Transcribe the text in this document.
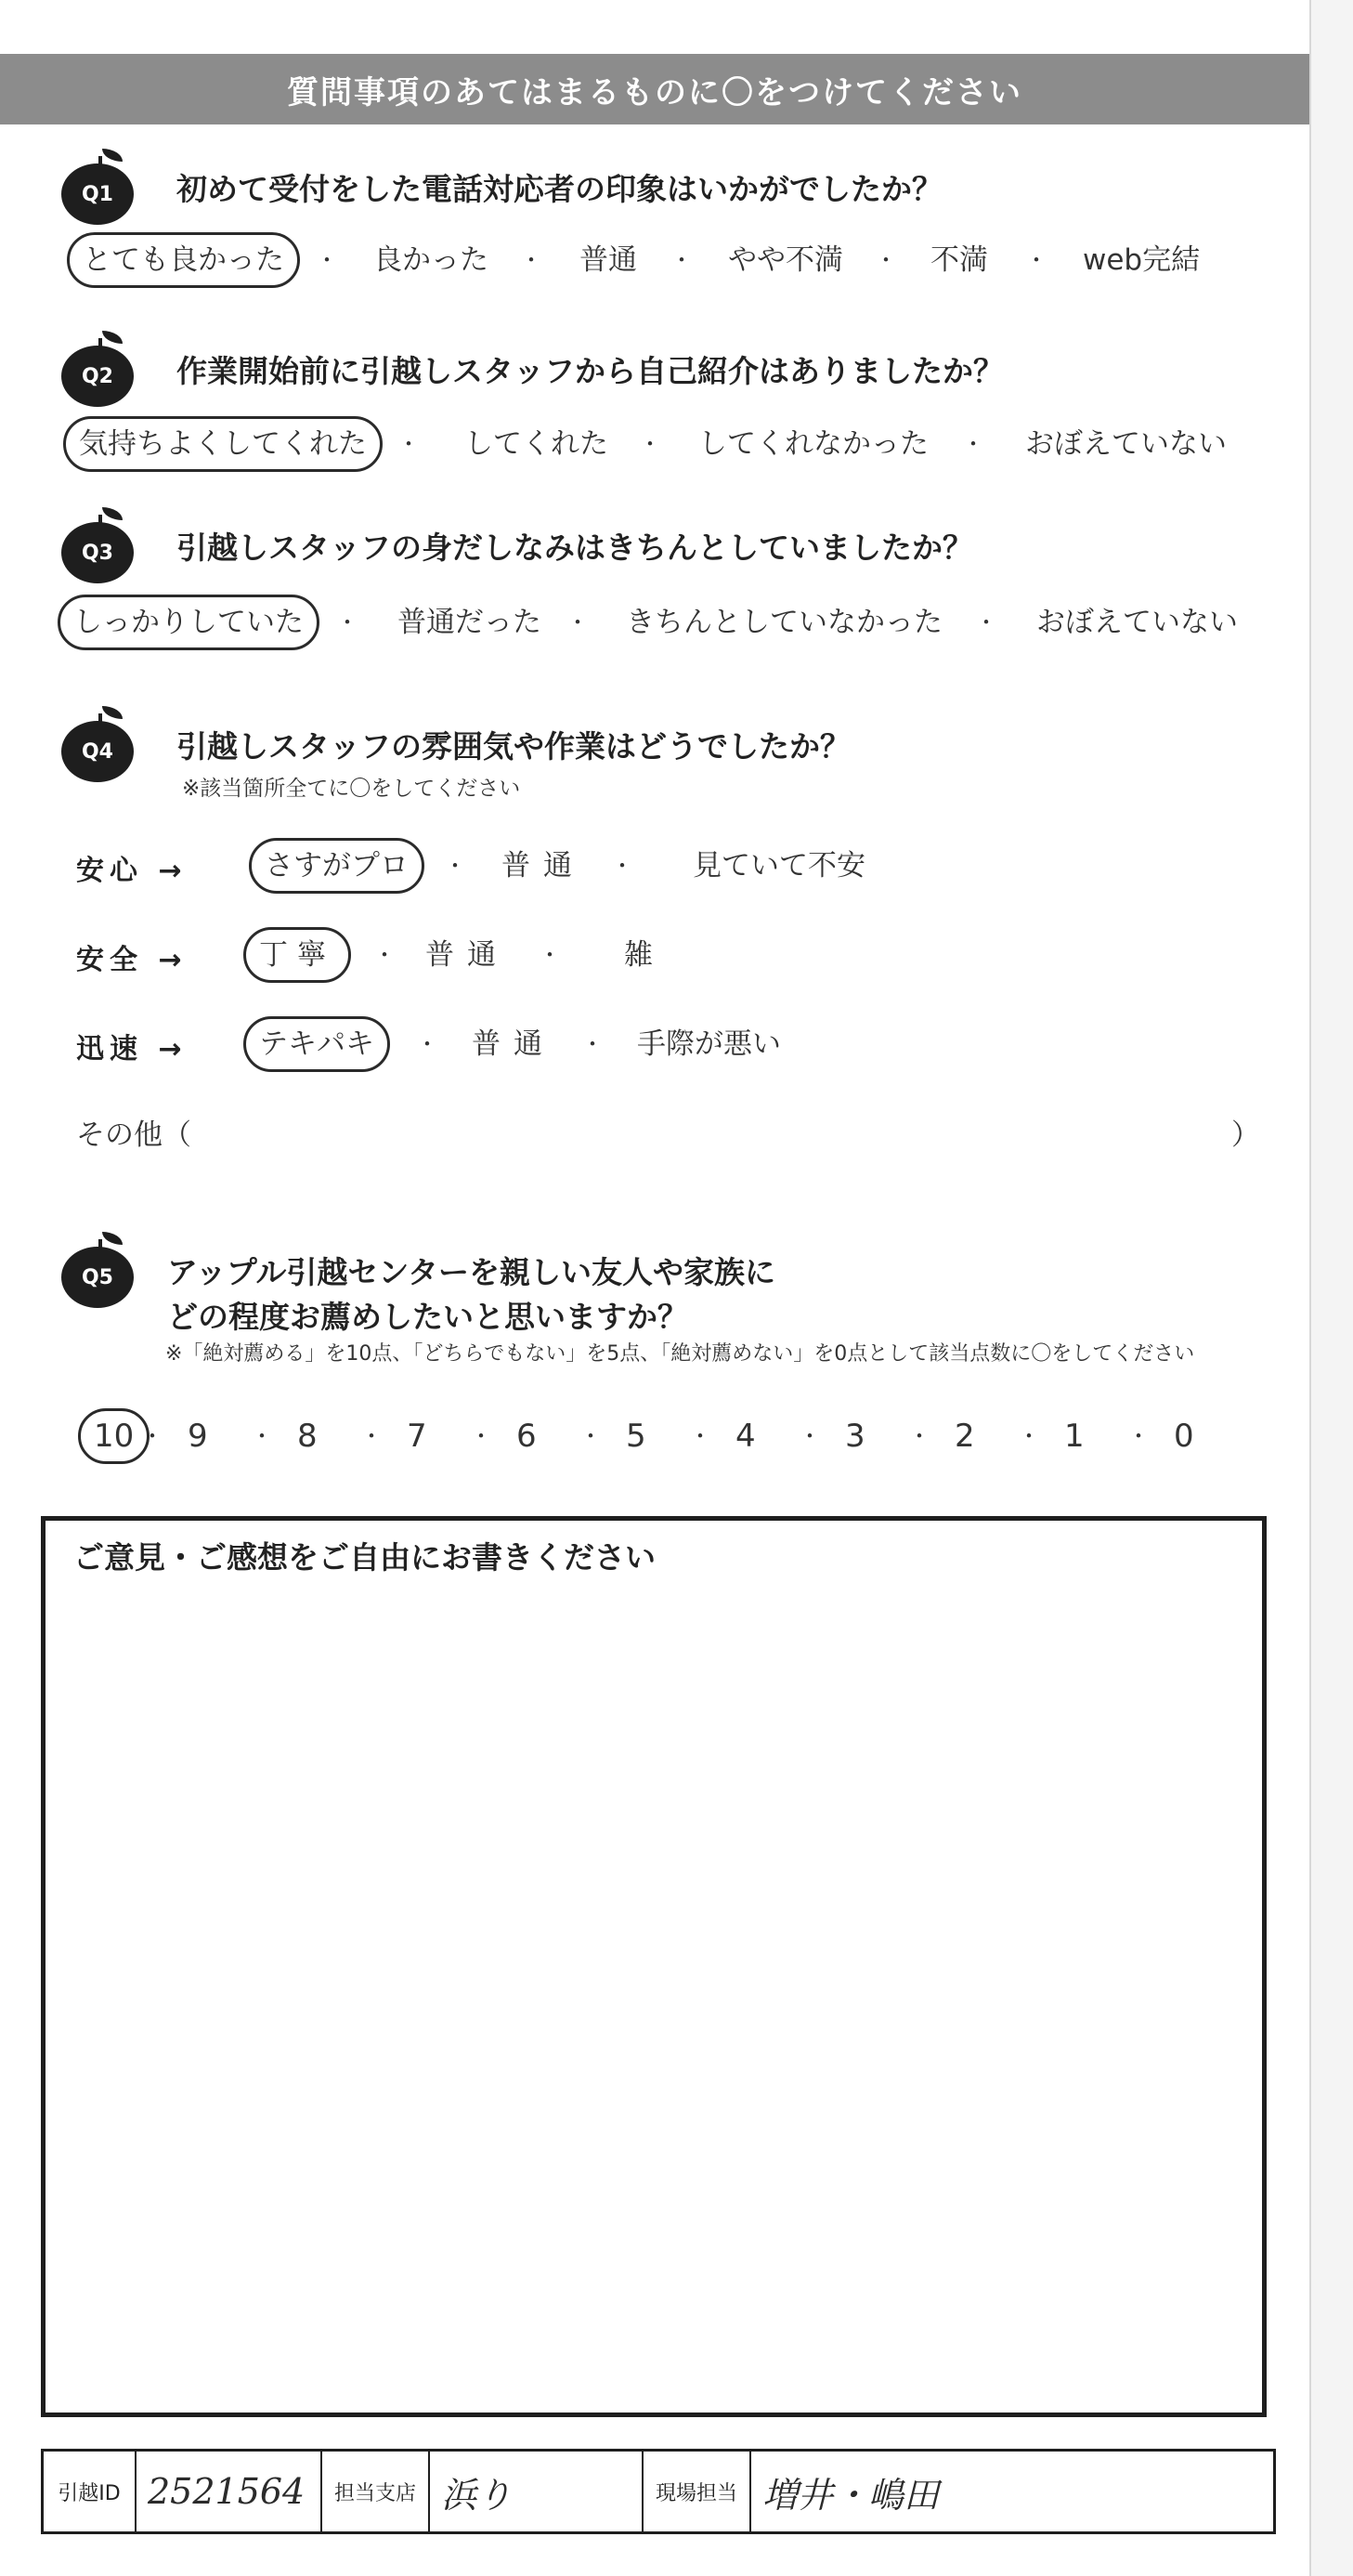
質問事項のあてはまるものに〇をつけてください
Q1	初めて受付をした電話対応者の印象はいかがでしたか？
とても良かった	・ 良かった ・ 普通 ・ やや不満 ・ 不満 ・ web完結
Q2	作業開始前に引越しスタッフから自己紹介はありましたか？
気持ちよくしてくれた	・ してくれた ・ してくれなかった ・ おぼえていない
Q3	引越しスタッフの身だしなみはきちんとしていましたか？
しっかりしていた	・ 普通だった ・ きちんとしていなかった ・ おぼえていない
Q4	引越しスタッフの雰囲気や作業はどうでしたか？
※該当箇所全てに〇をしてください
安心 →	さすがプロ	・ 普通 ・ 見ていて不安
安全 →	丁寧	・ 普通 ・ 雑
迅速 →	テキパキ	・ 普通 ・ 手際が悪い
その他（	）
Q5	アップル引越センターを親しい友人や家族に
どの程度お薦めしたいと思いますか？
※「絶対薦める」を10点、「どちらでもない」を5点、「絶対薦めない」を0点として該当点数に〇をしてください
10 ・ 9 ・ 8 ・ 7 ・ 6 ・ 5 ・ 4 ・ 3 ・ 2 ・ 1 ・ 0
ご意見・ご感想をご自由にお書きください
引越ID 2521564	担当支店 浜り	現場担当 増井・嶋田
